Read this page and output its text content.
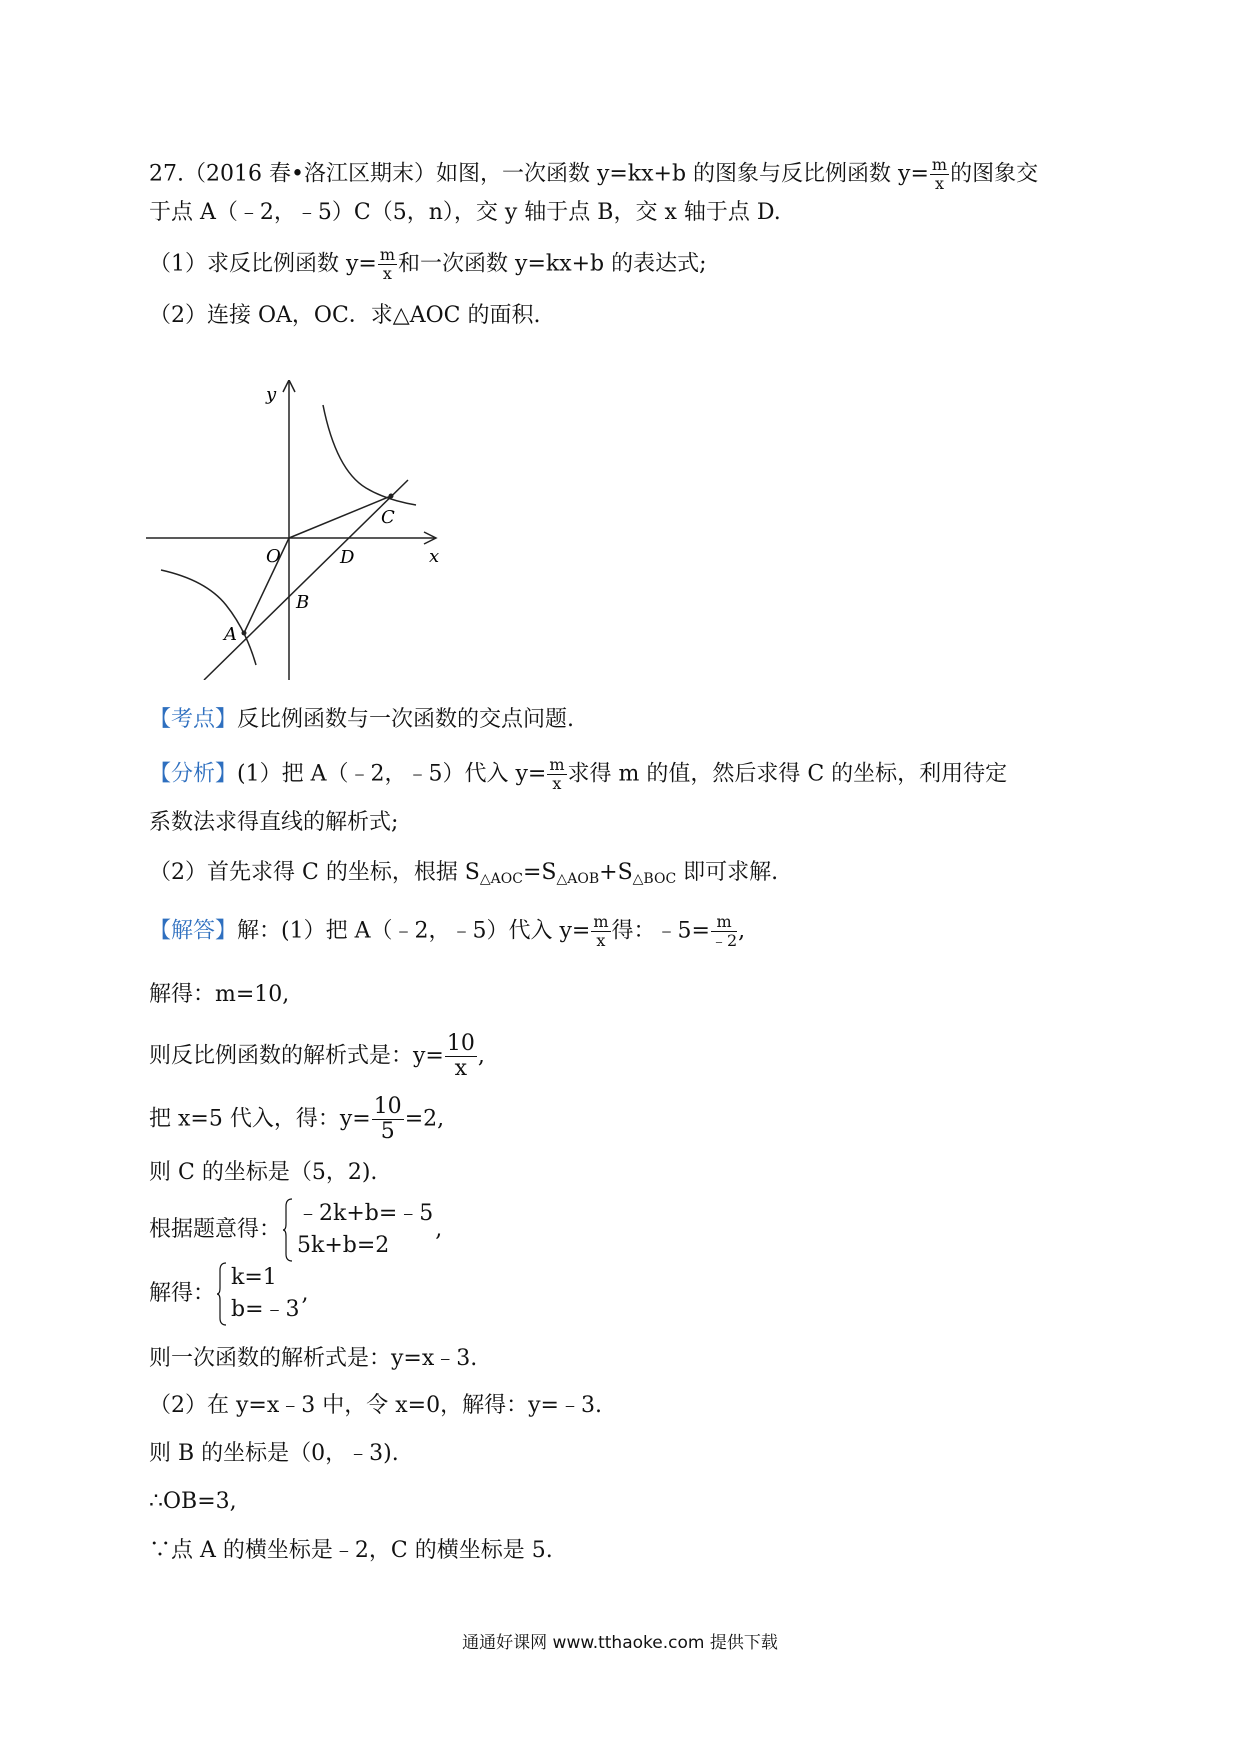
27.（2016 春•洛江区期末）如图，一次函数 y=kx+b 的图象与反比例函数 $y= \frac{m}{x}$ 的图象交
于点 A（﹣2，﹣5）C（5，n），交 y 轴于点 B，交 x 轴于点 D.
（1）求反比例函数 $y= \frac{m}{x}$ 和一次函数 y=kx+b 的表达式;
（2）连接 OA，OC．求△AOC 的面积.
y
x
O
C
D
B
A
【考点】反比例函数与一次函数的交点问题.
【分析】(1）把 A（﹣2，﹣5）代入 $y= \frac{m}{x}$ 求得 m 的值，然后求得 C 的坐标，利用待定
系数法求得直线的解析式;
（2）首先求得 C 的坐标，根据 $S_{\triangle AOC}=S_{\triangle AOB}+S_{\triangle BOC}$ 即可求解.
【解答】解：(1）把 A（﹣2，﹣5）代入 $y= \frac{m}{x}$ 得：﹣5= $\frac{m}{﹣2}$ ,
解得：m=10,
则反比例函数的解析式是：$y= \frac{10}{x}$ ,
把 x=5 代入，得：$y= \frac{10}{5} =2$,
则 C 的坐标是（5，2).
根据题意得：
﹣2k+b=﹣5
5k+b=2
,
解得：
k=1
b=﹣3
,
则一次函数的解析式是：y=x﹣3.
（2）在 y=x﹣3 中，令 x=0，解得：y=﹣3.
则 B 的坐标是（0，﹣3).
∴OB=3,
∵点 A 的横坐标是﹣2，C 的横坐标是 5.
通通好课网 www.tthaoke.com 提供下载
